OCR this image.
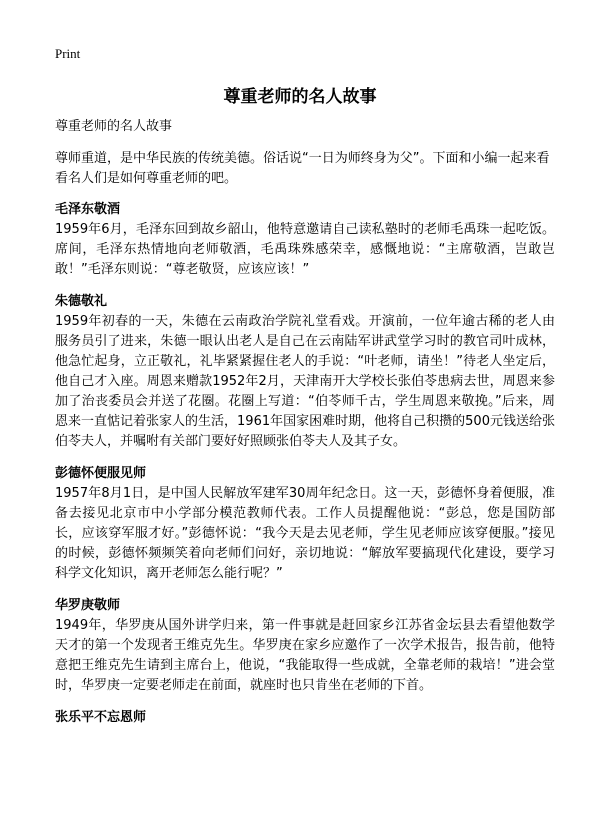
Print
尊重老师的名人故事

尊重老师的名人故事

尊师重道，是中华民族的传统美德。俗话说“一日为师终身为父”。下面和小编一起来看看名人们是如何尊重老师的吧。

毛泽东敬酒

1959年6月，毛泽东回到故乡韶山，他特意邀请自己读私塾时的老师毛禹珠一起吃饭。席间，毛泽东热情地向老师敬酒，毛禹珠殊感荣幸，感慨地说：“主席敬酒，岂敢岂敢！”毛泽东则说：“尊老敬贤，应该应该！”

朱德敬礼

1959年初春的一天，朱德在云南政治学院礼堂看戏。开演前，一位年逾古稀的老人由服务员引了进来，朱德一眼认出老人是自己在云南陆军讲武堂学习时的教官司叶成林，他急忙起身，立正敬礼，礼毕紧紧握住老人的手说：“叶老师，请坐！”待老人坐定后，他自己才入座。周恩来赠款1952年2月，天津南开大学校长张伯苓患病去世，周恩来参加了治丧委员会并送了花圈。花圈上写道：“伯苓师千古，学生周恩来敬挽。”后来，周恩来一直惦记着张家人的生活，1961年国家困难时期，他将自己积攒的500元钱送给张伯苓夫人，并嘱咐有关部门要好好照顾张伯苓夫人及其子女。

彭德怀便服见师

1957年8月1日，是中国人民解放军建军30周年纪念日。这一天，彭德怀身着便服，准备去接见北京市中小学部分模范教师代表。工作人员提醒他说：“彭总，您是国防部长，应该穿军服才好。”彭德怀说：“我今天是去见老师，学生见老师应该穿便服。”接见的时候，彭德怀频频笑着向老师们问好，亲切地说：“解放军要搞现代化建设，要学习科学文化知识，离开老师怎么能行呢？”

华罗庚敬师

1949年，华罗庚从国外讲学归来，第一件事就是赶回家乡江苏省金坛县去看望他数学天才的第一个发现者王维克先生。华罗庚在家乡应邀作了一次学术报告，报告前，他特意把王维克先生请到主席台上，他说，“我能取得一些成就，全靠老师的栽培！”进会堂时，华罗庚一定要老师走在前面，就座时也只肯坐在老师的下首。

张乐平不忘恩师
